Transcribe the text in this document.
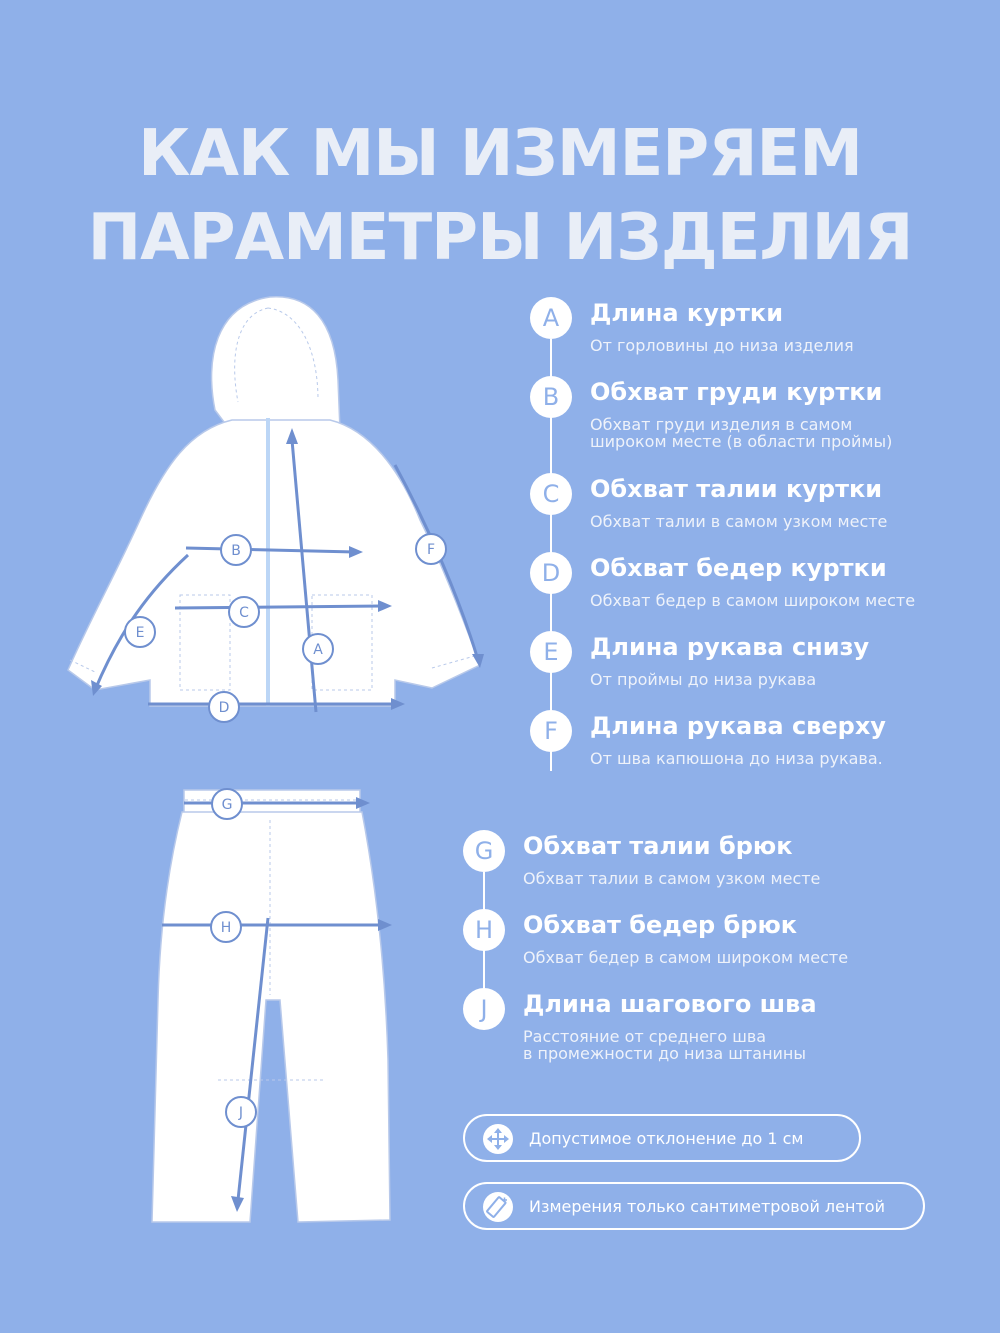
КАК МЫ ИЗМЕРЯЕМ
ПАРАМЕТРЫ ИЗДЕЛИЯ
A
B
C
D
E
F
G
H
J
A	Длина куртки
От горловины до низа изделия
B	Обхват груди куртки
Обхват груди изделия в самом
широком месте (в области проймы)
C	Обхват талии куртки
Обхват талии в самом узком месте
D	Обхват бедер куртки
Обхват бедер в самом широком месте
E	Длина рукава снизу
От проймы до низа рукава
F	Длина рукава сверху
От шва капюшона до низа рукава.
G	Обхват талии брюк
Обхват талии в самом узком месте
H	Обхват бедер брюк
Обхват бедер в самом широком месте
J	Длина шагового шва
Расстояние от среднего шва
в промежности до низа штанины
Допустимое отклонение до 1 см
Измерения только сантиметровой лентой
